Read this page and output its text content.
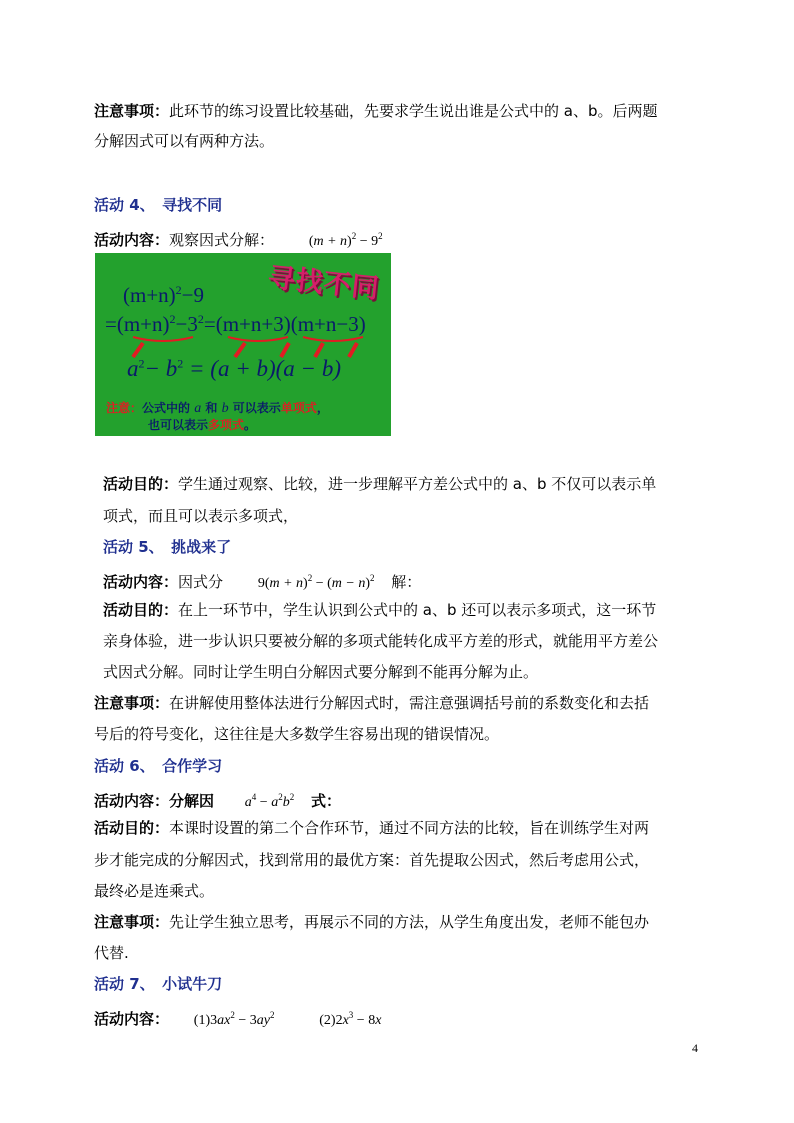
注意事项：此环节的练习设置比较基础，先要求学生说出谁是公式中的 a、b。后两题
分解因式可以有两种方法。
活动 4、　寻找不同
活动内容：观察因式分解： $(m + n)^2 - 9^2$
寻找不同
$(m+n)^2-9$
$=(m+n)^2-3^2=(m+n+3)(m+n-3)$
$a^2- b^2 = (a + b)(a - b)$
注意：公式中的 a 和 b 可以表示单项式，
也可以表示多项式。
活动目的：学生通过观察、比较，进一步理解平方差公式中的 a、b 不仅可以表示单
项式，而且可以表示多项式，
活动 5、　挑战来了
活动内容：因式分 $9(m + n)^2 - (m - n)^2$ 解：
活动目的：在上一环节中，学生认识到公式中的 a、b 还可以表示多项式，这一环节
亲身体验，进一步认识只要被分解的多项式能转化成平方差的形式，就能用平方差公
式因式分解。同时让学生明白分解因式要分解到不能再分解为止。
注意事项：在讲解使用整体法进行分解因式时，需注意强调括号前的系数变化和去括
号后的符号变化，这往往是大多数学生容易出现的错误情况。
活动 6、　合作学习
活动内容：分解因 $a^4 - a^2b^2$ 式：
活动目的：本课时设置的第二个合作环节，通过不同方法的比较，旨在训练学生对两
步才能完成的分解因式，找到常用的最优方案：首先提取公因式，然后考虑用公式，
最终必是连乘式。
注意事项：先让学生独立思考，再展示不同的方法，从学生角度出发，老师不能包办
代替.
活动 7、　小试牛刀
活动内容： $(1)3ax^2 - 3ay^2$	$(2)2x^3 - 8x$
4
